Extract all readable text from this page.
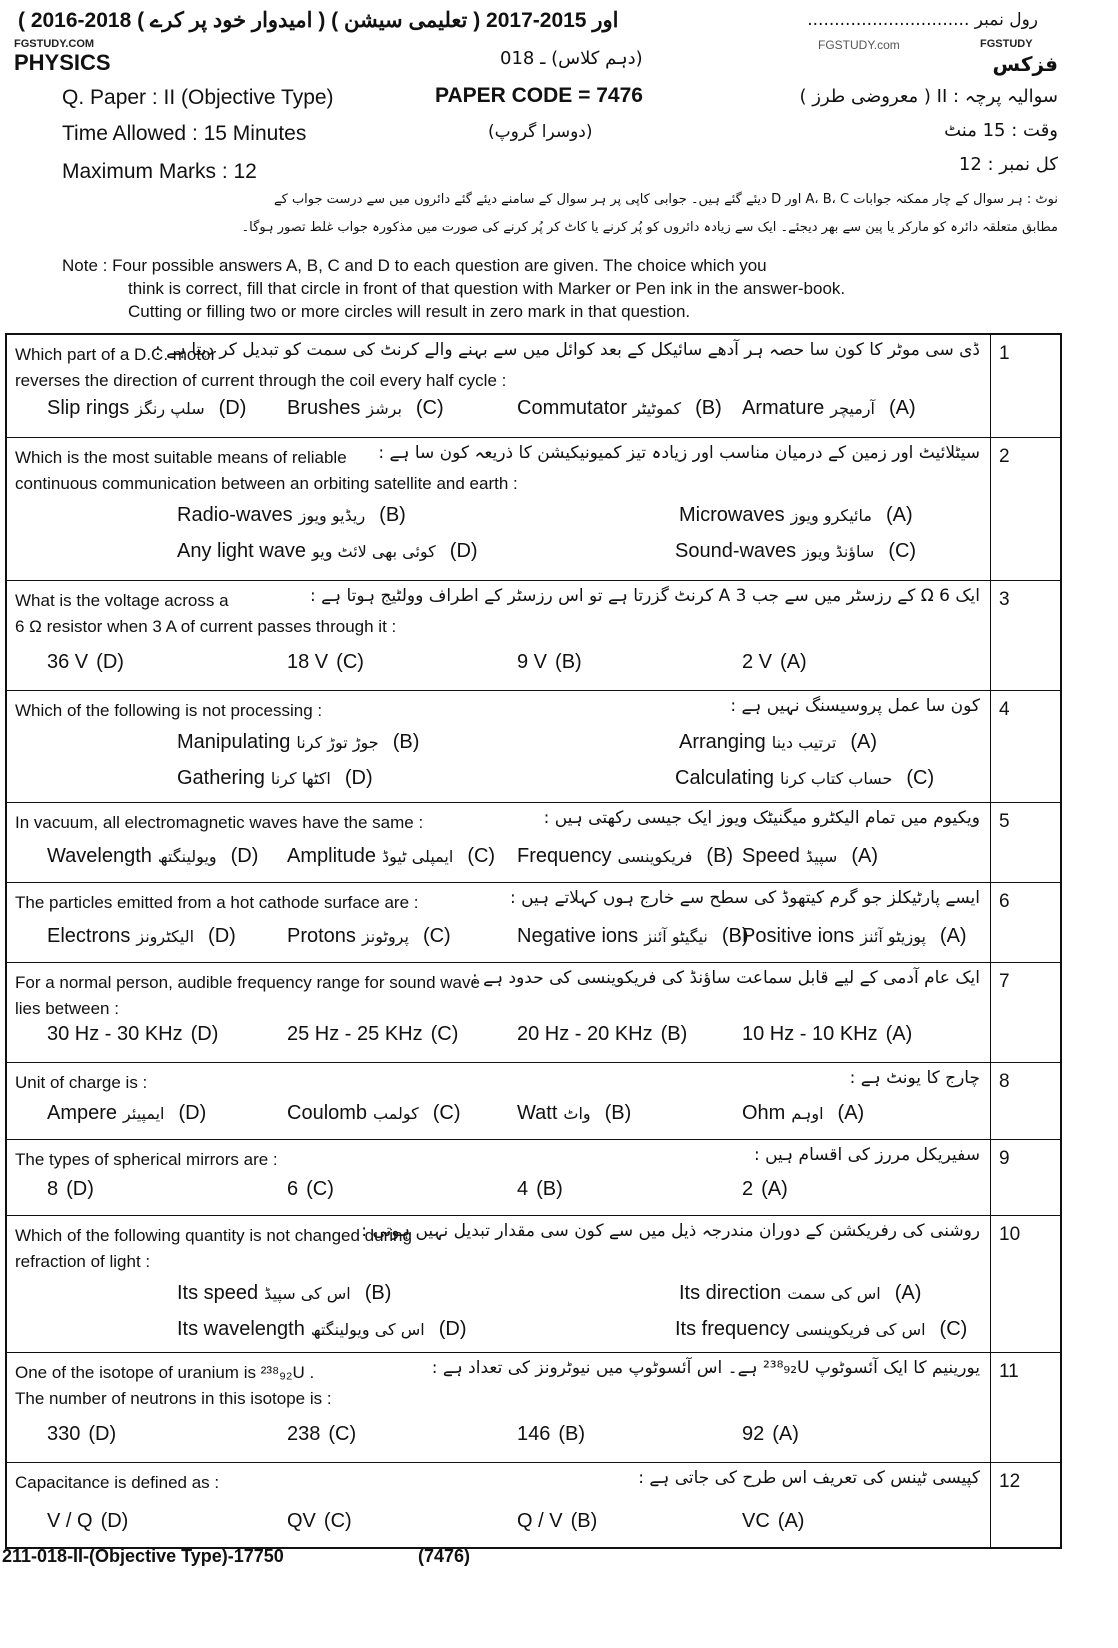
( 2016-2018 اور 2015-2017 ( تعلیمی سیشن ) ( امیدوار خود پر کرے )	رول نمبر ..............................
FGSTUDY.COM	FGSTUDY.com	FGSTUDY
PHYSICS	فزکس
(دہم کلاس) ـ 018
Q. Paper : II (Objective Type)	PAPER CODE = 7476	سوالیہ پرچہ : II ( معروضی طرز )
Time Allowed : 15 Minutes	(دوسرا گروپ)	وقت : 15 منٹ
Maximum Marks : 12	کل نمبر : 12
نوٹ : ہر سوال کے چار ممکنہ جوابات A، B، C اور D دیئے گئے ہیں۔ جوابی کاپی پر ہر سوال کے سامنے دیئے گئے دائروں میں سے درست جواب کے
مطابق متعلقہ دائرہ کو مارکر یا پین سے بھر دیجئے۔ ایک سے زیادہ دائروں کو پُر کرنے یا کاٹ کر پُر کرنے کی صورت میں مذکورہ جواب غلط تصور ہوگا۔
Note : Four possible answers A, B, C and D to each question are given. The choice which you
think is correct, fill that circle in front of that question with Marker or Pen ink in the answer-book.
Cutting or filling two or more circles will result in zero mark in that question.
1
ڈی سی موٹر کا کون سا حصہ ہر آدھے سائیکل کے بعد کوائل میں سے بہنے والے کرنٹ کی سمت کو تبدیل کر دیتا ہے :
Which part of a D.C. motor
reverses the direction of current through the coil every half cycle :
Slip rings سلپ رنگز (D) Brushes برشز (C)	Commutator کموٹیٹر (B) Armature آرمیچر (A)
2
سیٹلائیٹ اور زمین کے درمیان مناسب اور زیادہ تیز کمیونیکیشن کا ذریعہ کون سا ہے :
Which is the most suitable means of reliable
continuous communication between an orbiting satellite and earth :
Radio-waves ریڈیو ویوز (B)	Microwaves مائیکرو ویوز (A)
Any light wave کوئی بھی لائٹ ویو (D)	Sound-waves ساؤنڈ ویوز (C)
3
ایک 6 Ω کے رزسٹر میں سے جب 3 A کرنٹ گزرتا ہے تو اس رزسٹر کے اطراف وولٹیج ہوتا ہے :
What is the voltage across a
6 Ω resistor when 3 A of current passes through it :
36 V (D)	18 V (C)	9 V (B)	2 V (A)
4
کون سا عمل پروسیسنگ نہیں ہے :
Which of the following is not processing :
Manipulating جوڑ توڑ کرنا (B)	Arranging ترتیب دینا (A)
Gathering اکٹھا کرنا (D)	Calculating حساب کتاب کرنا (C)
5
ویکیوم میں تمام الیکٹرو میگنیٹک ویوز ایک جیسی رکھتی ہیں :
In vacuum, all electromagnetic waves have the same :
Wavelength ویولینگتھ (D) Amplitude ایمپلی ٹیوڈ (C) Frequency فریکوینسی (B) Speed سپیڈ (A)
6
ایسے پارٹیکلز جو گرم کیتھوڈ کی سطح سے خارج ہوں کہلاتے ہیں :
The particles emitted from a hot cathode surface are :
Electrons الیکٹرونز (D)	Protons پروٹونز (C)	Negative ions نیگیٹو آئنز (B)
Positive ions پوزیٹو آئنز (A)
7
ایک عام آدمی کے لیے قابل سماعت ساؤنڈ کی فریکوینسی کی حدود ہے :
For a normal person, audible frequency range for sound wave
lies between :
30 Hz - 30 KHz (D)	25 Hz - 25 KHz (C)	20 Hz - 20 KHz (B)	10 Hz - 10 KHz (A)
8
چارج کا یونٹ ہے :
Unit of charge is :
Ampere ایمپیئر (D)	Coulomb کولمب (C)	Watt واٹ (B)	Ohm اوہم (A)
9
سفیریکل مررز کی اقسام ہیں :
The types of spherical mirrors are :
8 (D)	6 (C)	4 (B)	2 (A)
10
روشنی کی رفریکشن کے دوران مندرجہ ذیل میں سے کون سی مقدار تبدیل نہیں ہوتی :
Which of the following quantity is not changed during
refraction of light :
Its speed اس کی سپیڈ (B)	Its direction اس کی سمت (A)
Its wavelength اس کی ویولینگتھ (D)	Its frequency اس کی فریکوینسی (C)
11
یورینیم کا ایک آئسوٹوپ ²³⁸₉₂U ہے۔ اس آئسوٹوپ میں نیوٹرونز کی تعداد ہے :
One of the isotope of uranium is ²³⁸₉₂U .
The number of neutrons in this isotope is :
330 (D)	238 (C)	146 (B)	92 (A)
12
کپیسی ٹینس کی تعریف اس طرح کی جاتی ہے :
Capacitance is defined as :
V / Q (D)	QV (C)	Q / V (B)	VC (A)
211-018-II-(Objective Type)-17750	(7476)
